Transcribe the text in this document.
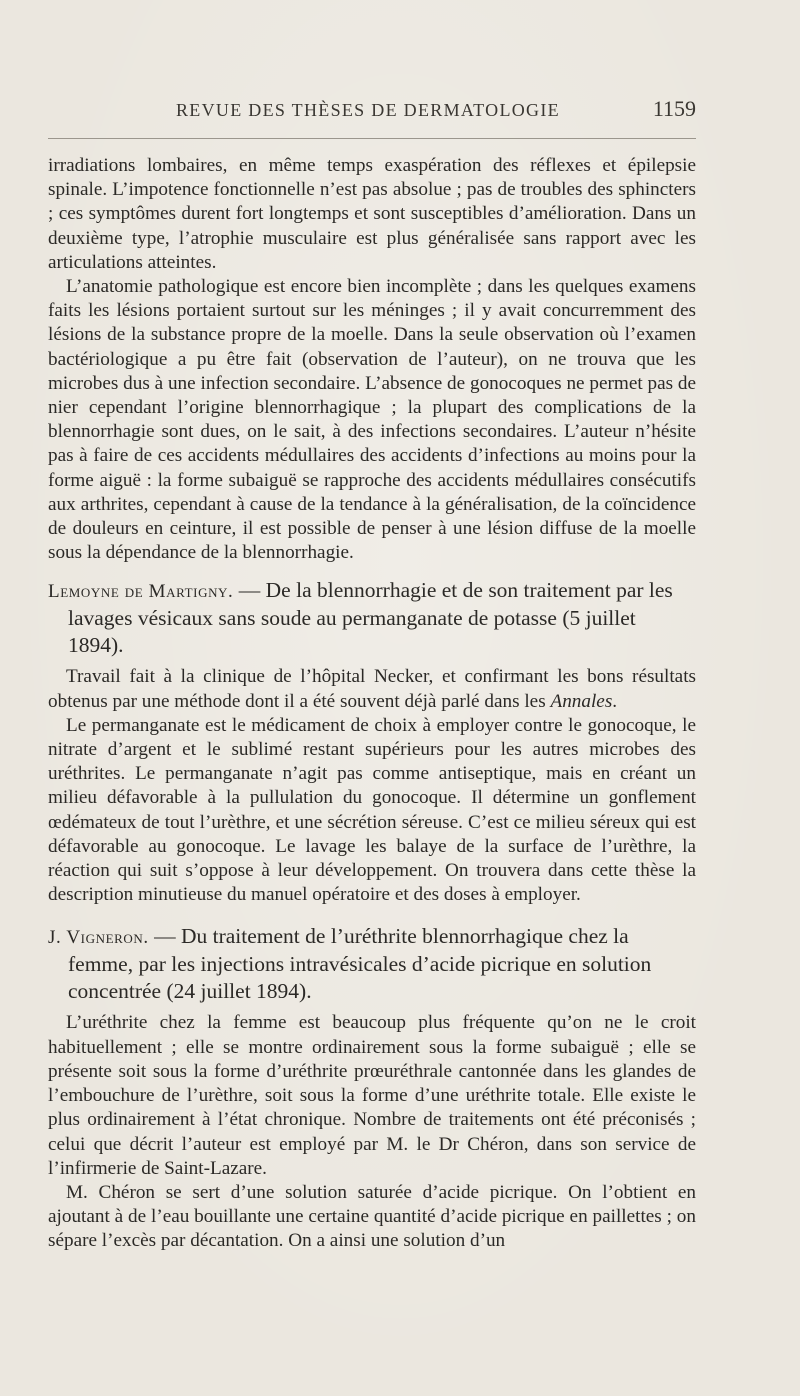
REVUE DES THÈSES DE DERMATOLOGIE	1159

irradiations lombaires, en même temps exaspération des réflexes et épilepsie spinale. L’impotence fonctionnelle n’est pas absolue ; pas de troubles des sphincters ; ces symptômes durent fort longtemps et sont susceptibles d’amélioration. Dans un deuxième type, l’atrophie musculaire est plus généralisée sans rapport avec les articulations atteintes.

L’anatomie pathologique est encore bien incomplète ; dans les quelques examens faits les lésions portaient surtout sur les méninges ; il y avait concurremment des lésions de la substance propre de la moelle. Dans la seule observation où l’examen bactériologique a pu être fait (observation de l’auteur), on ne trouva que les microbes dus à une infection secondaire. L’absence de gonocoques ne permet pas de nier cependant l’origine blennorrhagique ; la plupart des complications de la blennorrhagie sont dues, on le sait, à des infections secondaires. L’auteur n’hésite pas à faire de ces accidents médullaires des accidents d’infections au moins pour la forme aiguë : la forme subaiguë se rapproche des accidents médullaires consécutifs aux arthrites, cependant à cause de la tendance à la généralisation, de la coïncidence de douleurs en ceinture, il est possible de penser à une lésion diffuse de la moelle sous la dépendance de la blennorrhagie.

Lemoyne de Martigny. — De la blennorrhagie et de son traitement par les lavages vésicaux sans soude au permanganate de potasse (5 juillet 1894).

Travail fait à la clinique de l’hôpital Necker, et confirmant les bons résultats obtenus par une méthode dont il a été souvent déjà parlé dans les Annales.

Le permanganate est le médicament de choix à employer contre le gonocoque, le nitrate d’argent et le sublimé restant supérieurs pour les autres microbes des uréthrites. Le permanganate n’agit pas comme antiseptique, mais en créant un milieu défavorable à la pullulation du gonocoque. Il détermine un gonflement œdémateux de tout l’urèthre, et une sécrétion séreuse. C’est ce milieu séreux qui est défavorable au gonocoque. Le lavage les balaye de la surface de l’urèthre, la réaction qui suit s’oppose à leur développement. On trouvera dans cette thèse la description minutieuse du manuel opératoire et des doses à employer.

J. Vigneron. — Du traitement de l’uréthrite blennorrhagique chez la femme, par les injections intravésicales d’acide picrique en solution concentrée (24 juillet 1894).

L’uréthrite chez la femme est beaucoup plus fréquente qu’on ne le croit habituellement ; elle se montre ordinairement sous la forme subaiguë ; elle se présente soit sous la forme d’uréthrite prœuréthrale cantonnée dans les glandes de l’embouchure de l’urèthre, soit sous la forme d’une uréthrite totale. Elle existe le plus ordinairement à l’état chronique. Nombre de traitements ont été préconisés ; celui que décrit l’auteur est employé par M. le Dr Chéron, dans son service de l’infirmerie de Saint-Lazare.

M. Chéron se sert d’une solution saturée d’acide picrique. On l’obtient en ajoutant à de l’eau bouillante une certaine quantité d’acide picrique en paillettes ; on sépare l’excès par décantation. On a ainsi une solution d’un
